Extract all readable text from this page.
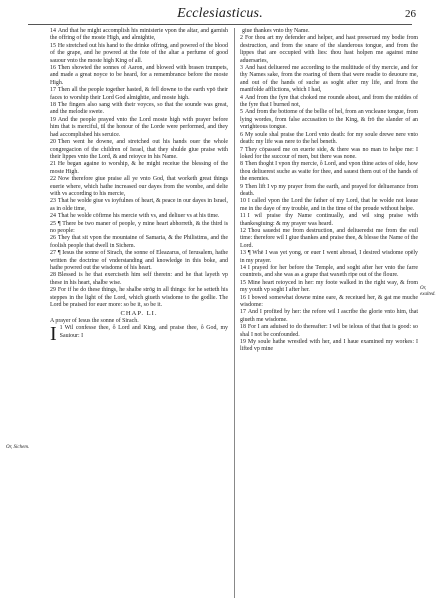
Ecclesiasticus.	26

14 And that he might accomplish his ministerie vpon the altar, and garnish the offring of the moste High, and almightie,

15 He stretched out his hand to the drinke offring, and powred of the blood of the grape, and he powred at the fote of the altar a perfume of good sauour vnto the moste high King of all.

16 Then showted the sonnes of Aaron, and blowed with brasen trumpets, and made a great noyce to be heard, for a remembrance before the moste High.

17 Then all the people together hasted, & fell downe to the earth vpō their faces to worship their Lord God almightie, and moste high.

18 The fingers also sang with their voyces, so that the sounde was great, and the melodie swete.

19 And the people prayed vnto the Lord moste high with prayer before him that is merciful, til the honour of the Lorde were performed, and they had accomplished his seruice.

20 Then went he downe, and stretched out his hands ouer the whole congregacion of the children of Israel, that they shulde giue praise with their lippes vnto the Lord, & and reioyce in his Name.

21 He began againe to worship, & he might receiue the blessing of the moste High.

22 Now therefore giue praise all ye vnto God, that worketh great things euerie where, which hathe increased our dayes from the wombe, and delte with vs according to his mercie,

23 That he wolde giue vs ioyfulnes of heart, & peace in our dayes in Israel, as in olde time,

24 That he wolde cōfirme his mercie with vs, and deliuer vs at his time.

25 ¶ There be two maner of people, y mine heart abhorreth, & the third is no people:

26 They that sit vpon the mountaine of Samaria, & the Philistims, and the foolish people that dwell in Sichem.

27 ¶ Iesus the sonne of Sirach, the sonne of Eleazarus, of Ierusalem, hathe written the doctrine of vnderstanding and knowledge in this boke, and hathe powred out the wisdome of his heart.

28 Blessed is he that exerciseth him self therein: and he that layeth vp these in his heart, shalbe wise.

29 For if he do these things, he shalbe strōg in all things: for he setteth his steppes in the light of the Lord, which giueth wisdome to the godlie. The Lord be praised for euer more: so be it, so be it.

CHAP. LI.

A prayer of Iesus the sonne of Sirach.

I 1 Wil confesse thee, ô Lord and King, and praise thee, ô God, my Sauiour: I

giue thankes vnto thy Name.

2 For thou art my defender and helper, and hast preserued my bodie from destruction, and from the snare of the slanderous tongue, and from the lippes that are occupied with lies: thou hast holpen me against mine aduersaries,

3 And hast deliuered me according to the multitude of thy mercie, and for thy Names sake, from the roaring of them that were readie to deuoure me, and out of the hands of suche as soght after my life, and from the manifolde afflictions, which I had,

4 And from the fyre that choked me rounde about, and from the middes of the fyre that I burned not,

5 And from the bottome of the bellie of hel, from an vncleane tongue, from lying wordes, from false accusation to the King, & frō the slander of an vnrighteous tongue.

6 My soule shal praise the Lord vnto death: for my soule drewe nere vnto death: my life was nere to the hel beneth.

7 They cōpassed me on euerie side, & there was no man to helpe me: I loked for the succour of men, but there was none.

8 Then thoght I vpon thy mercie, ô Lord, and vpon thine actes of olde, how thou deliuerest suche as waite for thee, and sauest them out of the hands of the enemies.

9 Then lift I vp my prayer from the earth, and prayed for deliuerance from death.

10 I called vpon the Lord the father of my Lord, that he wolde not leaue me in the daye of my trouble, and in the time of the proude without helpe.

11 I wil praise thy Name continually, and wil sing praise with thankesgiuing: & my prayer was heard.

12 Thou sauedst me from destruction, and deliueredst me from the euil time: therefore wil I giue thankes and praise thee, & blesse the Name of the Lord.

13 ¶ Whē I was yet yong, or euer I went abroad, I desired wisdome opēly in my prayer.

14 I prayed for her before the Temple, and soght after her vnto the farre countreis, and she was as a grape that waxeth ripe out of the floure.

15 Mine heart reioyced in her: my foote walked in the right way, & from my youth vp soght I after her.

16 I bowed somewhat downe mine eare, & receiued her, & gat me muche wisdome:

17 And I profited by her: the refore wil I ascribe the glorie vnto him, that giueth me wisdome.

18 For I am aduised to do thereafter: I wil be ielous of that that is good: so shal I not be confounded.

19 My soule hathe wrestled with her, and I haue examined my workes: I lifted vp mine

Or, Sichem.
Or, exalted.
